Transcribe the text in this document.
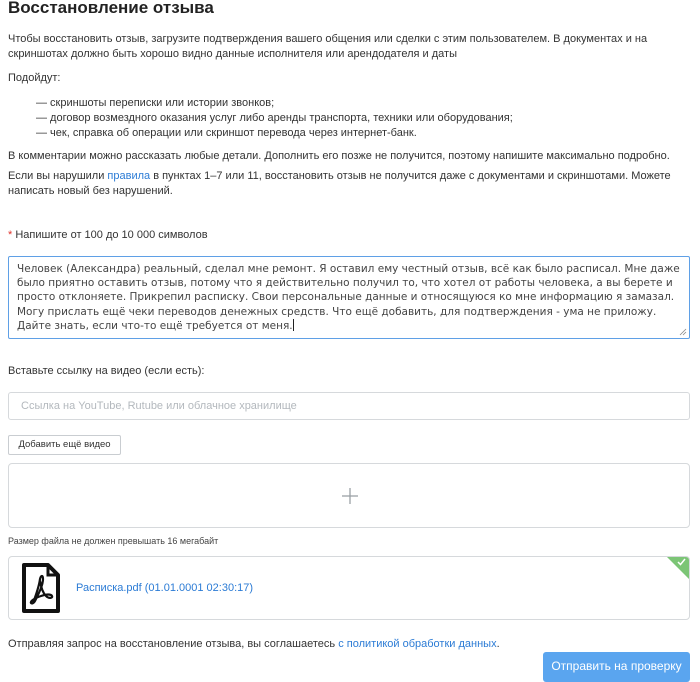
Восстановление отзыва

Чтобы восстановить отзыв, загрузите подтверждения вашего общения или сделки с этим пользователем. В документах и на скриншотах должно быть хорошо видно данные исполнителя или арендодателя и даты

Подойдут:

— скриншоты переписки или истории звонков;
— договор возмездного оказания услуг либо аренды транспорта, техники или оборудования;
— чек, справка об операции или скриншот перевода через интернет-банк.

В комментарии можно рассказать любые детали. Дополнить его позже не получится, поэтому напишите максимально подробно.

Если вы нарушили правила в пунктах 1–7 или 11, восстановить отзыв не получится даже с документами и скриншотами. Можете написать новый без нарушений.

* Напишите от 100 до 10 000 символов

Человек (Александра) реальный, сделал мне ремонт. Я оставил ему честный отзыв, всё как было расписал. Мне даже было приятно оставить отзыв, потому что я действительно получил то, что хотел от работы человека, а вы берете и просто отклоняете. Прикрепил расписку. Свои персональные данные и относящуюся ко мне информацию я замазал. Могу прислать ещё чеки переводов денежных средств. Что ещё добавить, для подтверждения - ума не приложу. Дайте знать, если что-то ещё требуется от меня.

Вставьте ссылку на видео (если есть):

Ссылка на YouTube, Rutube или облачное хранилище
Добавить ещё видео

Размер файла не должен превышать 16 мегабайт

Расписка.pdf (01.01.0001 02:30:17)

Отправляя запрос на восстановление отзыва, вы соглашаетесь с политикой обработки данных.

Отправить на проверку
